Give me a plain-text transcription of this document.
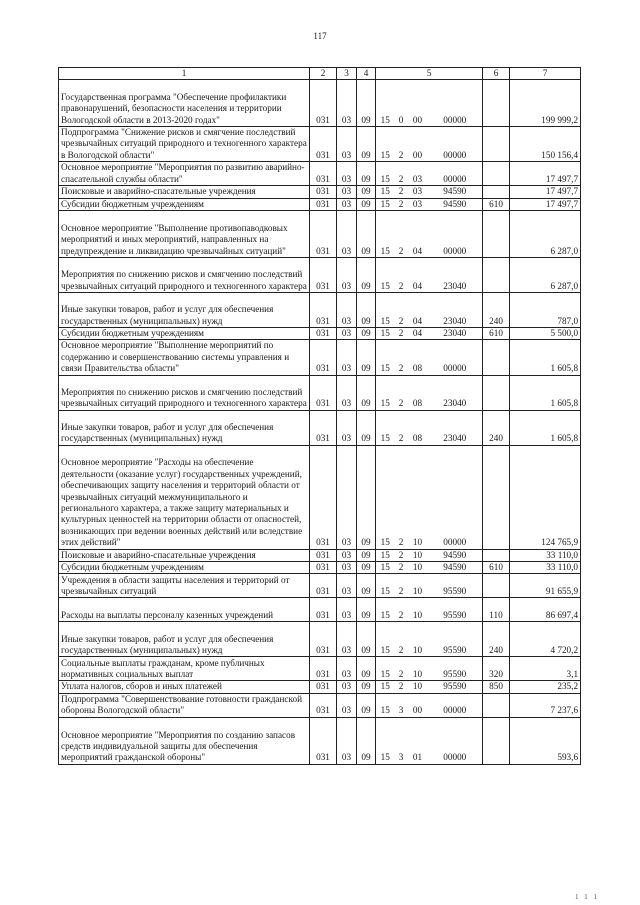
117
1	2	3	4	5				6	7
Государственная программа "Обеспечение профилактики правонарушений, безопасности населения и территории Вологодской области в 2013-2020 годах"	031	03	09	15	0	00	00000		199 999,2
Подпрограмма "Снижение рисков и смягчение последствий чрезвычайных ситуаций природного и техногенного характера в Вологодской области"	031	03	09	15	2	00	00000		150 156,4
Основное мероприятие "Мероприятия по развитию аварийно-спасательной службы области"	031	03	09	15	2	03	00000		17 497,7
Поисковые и аварийно-спасательные учреждения	031	03	09	15	2	03	94590		17 497,7
Субсидии бюджетным учреждениям	031	03	09	15	2	03	94590	610	17 497,7
Основное мероприятие "Выполнение противопаводковых мероприятий и иных мероприятий, направленных на предупреждение и ликвидацию чрезвычайных ситуаций"	031	03	09	15	2	04	00000		6 287,0
Мероприятия по снижению рисков и смягчению последствий чрезвычайных ситуаций природного и техногенного характера	031	03	09	15	2	04	23040		6 287,0
Иные закупки товаров, работ и услуг для обеспечения государственных (муниципальных) нужд	031	03	09	15	2	04	23040	240	787,0
Субсидии бюджетным учреждениям	031	03	09	15	2	04	23040	610	5 500,0
Основное мероприятие "Выполнение мероприятий по содержанию и совершенствованию системы управления и связи Правительства области"	031	03	09	15	2	08	00000		1 605,8
Мероприятия по снижению рисков и смягчению последствий чрезвычайных ситуаций природного и техногенного характера	031	03	09	15	2	08	23040		1 605,8
Иные закупки товаров, работ и услуг для обеспечения государственных (муниципальных) нужд	031	03	09	15	2	08	23040	240	1 605,8
Основное мероприятие "Расходы на обеспечение деятельности (оказание услуг) государственных учреждений, обеспечивающих защиту населения и территорий области от чрезвычайных ситуаций межмуниципального и регионального характера, а также защиту материальных и культурных ценностей на территории области от опасностей, возникающих при ведении военных действий или вследствие этих действий"	031	03	09	15	2	10	00000		124 765,9
Поисковые и аварийно-спасательные учреждения	031	03	09	15	2	10	94590		33 110,0
Субсидии бюджетным учреждениям	031	03	09	15	2	10	94590	610	33 110,0
Учреждения в области защиты населения и территорий от чрезвычайных ситуаций	031	03	09	15	2	10	95590		91 655,9
Расходы на выплаты персоналу казенных учреждений	031	03	09	15	2	10	95590	110	86 697,4
Иные закупки товаров, работ и услуг для обеспечения государственных (муниципальных) нужд	031	03	09	15	2	10	95590	240	4 720,2
Социальные выплаты гражданам, кроме публичных нормативных социальных выплат	031	03	09	15	2	10	95590	320	3,1
Уплата налогов, сборов и иных платежей	031	03	09	15	2	10	95590	850	235,2
Подпрограмма "Совершенствование готовности гражданской обороны Вологодской области"	031	03	09	15	3	00	00000		7 237,6
Основное мероприятие "Мероприятия по созданию запасов средств индивидуальной защиты для обеспечения мероприятий гражданской обороны"	031	03	09	15	3	01	00000		593,6
1 1 1
